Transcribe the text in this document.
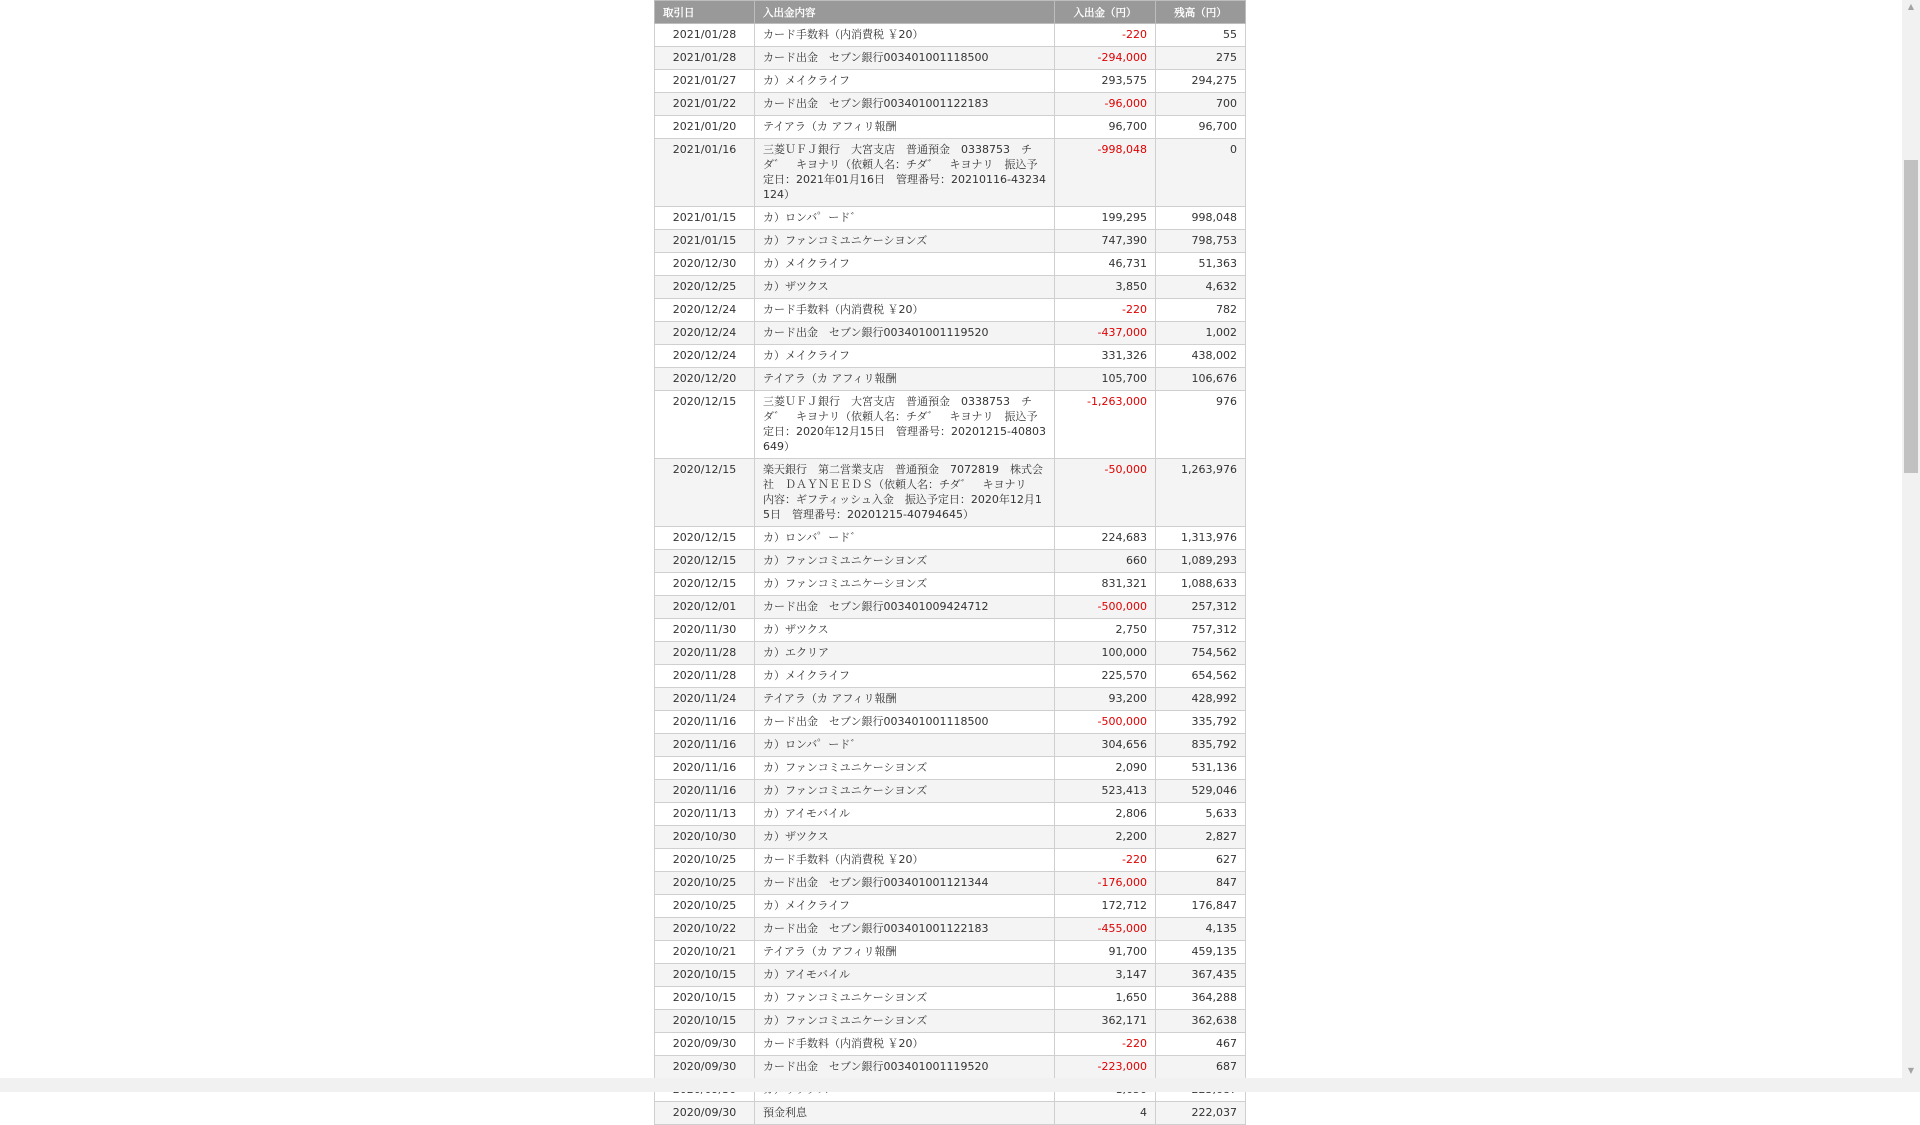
取引日	入出金内容	入出金（円）	残高（円）
2021/01/28	カード手数料（内消費税 ￥20）	-220	55
2021/01/28	カード出金　セブン銀行003401001118500	-294,000	275
2021/01/27	カ）メイクライフ	293,575	294,275
2021/01/22	カード出金　セブン銀行003401001122183	-96,000	700
2021/01/20	テイアラ（カ アフィリ報酬	96,700	96,700
2021/01/16	三菱ＵＦＪ銀行　大宮支店　普通預金　0338753　チダ゛　キヨナリ（依頼人名：チダ゛　キヨナリ　振込予定日：2021年01月16日　管理番号：20210116-43234124）	-998,048	0
2021/01/15	カ）ロンバ゜ード゛	199,295	998,048
2021/01/15	カ）ファンコミユニケーシヨンズ	747,390	798,753
2020/12/30	カ）メイクライフ	46,731	51,363
2020/12/25	カ）ザツクス	3,850	4,632
2020/12/24	カード手数料（内消費税 ￥20）	-220	782
2020/12/24	カード出金　セブン銀行003401001119520	-437,000	1,002
2020/12/24	カ）メイクライフ	331,326	438,002
2020/12/20	テイアラ（カ アフィリ報酬	105,700	106,676
2020/12/15	三菱ＵＦＪ銀行　大宮支店　普通預金　0338753　チダ゛　キヨナリ（依頼人名：チダ゛　キヨナリ　振込予定日：2020年12月15日　管理番号：20201215-40803649）	-1,263,000	976
2020/12/15	楽天銀行　第二営業支店　普通預金　7072819　株式会社　ＤＡＹＮＥＥＤＳ（依頼人名：チダ゛　キヨナリ　内容：ギフティッシュ入金　振込予定日：2020年12月15日　管理番号：20201215-40794645）	-50,000	1,263,976
2020/12/15	カ）ロンバ゜ード゛	224,683	1,313,976
2020/12/15	カ）ファンコミユニケーシヨンズ	660	1,089,293
2020/12/15	カ）ファンコミユニケーシヨンズ	831,321	1,088,633
2020/12/01	カード出金　セブン銀行003401009424712	-500,000	257,312
2020/11/30	カ）ザツクス	2,750	757,312
2020/11/28	カ）エクリア	100,000	754,562
2020/11/28	カ）メイクライフ	225,570	654,562
2020/11/24	テイアラ（カ アフィリ報酬	93,200	428,992
2020/11/16	カード出金　セブン銀行003401001118500	-500,000	335,792
2020/11/16	カ）ロンバ゜ード゛	304,656	835,792
2020/11/16	カ）ファンコミユニケーシヨンズ	2,090	531,136
2020/11/16	カ）ファンコミユニケーシヨンズ	523,413	529,046
2020/11/13	カ）アイモバイル	2,806	5,633
2020/10/30	カ）ザツクス	2,200	2,827
2020/10/25	カード手数料（内消費税 ￥20）	-220	627
2020/10/25	カード出金　セブン銀行003401001121344	-176,000	847
2020/10/25	カ）メイクライフ	172,712	176,847
2020/10/22	カード出金　セブン銀行003401001122183	-455,000	4,135
2020/10/21	テイアラ（カ アフィリ報酬	91,700	459,135
2020/10/15	カ）アイモバイル	3,147	367,435
2020/10/15	カ）ファンコミユニケーシヨンズ	1,650	364,288
2020/10/15	カ）ファンコミユニケーシヨンズ	362,171	362,638
2020/09/30	カード手数料（内消費税 ￥20）	-220	467
2020/09/30	カード出金　セブン銀行003401001119520	-223,000	687

2020/09/30	預金利息	4	222,037
▲
▼
